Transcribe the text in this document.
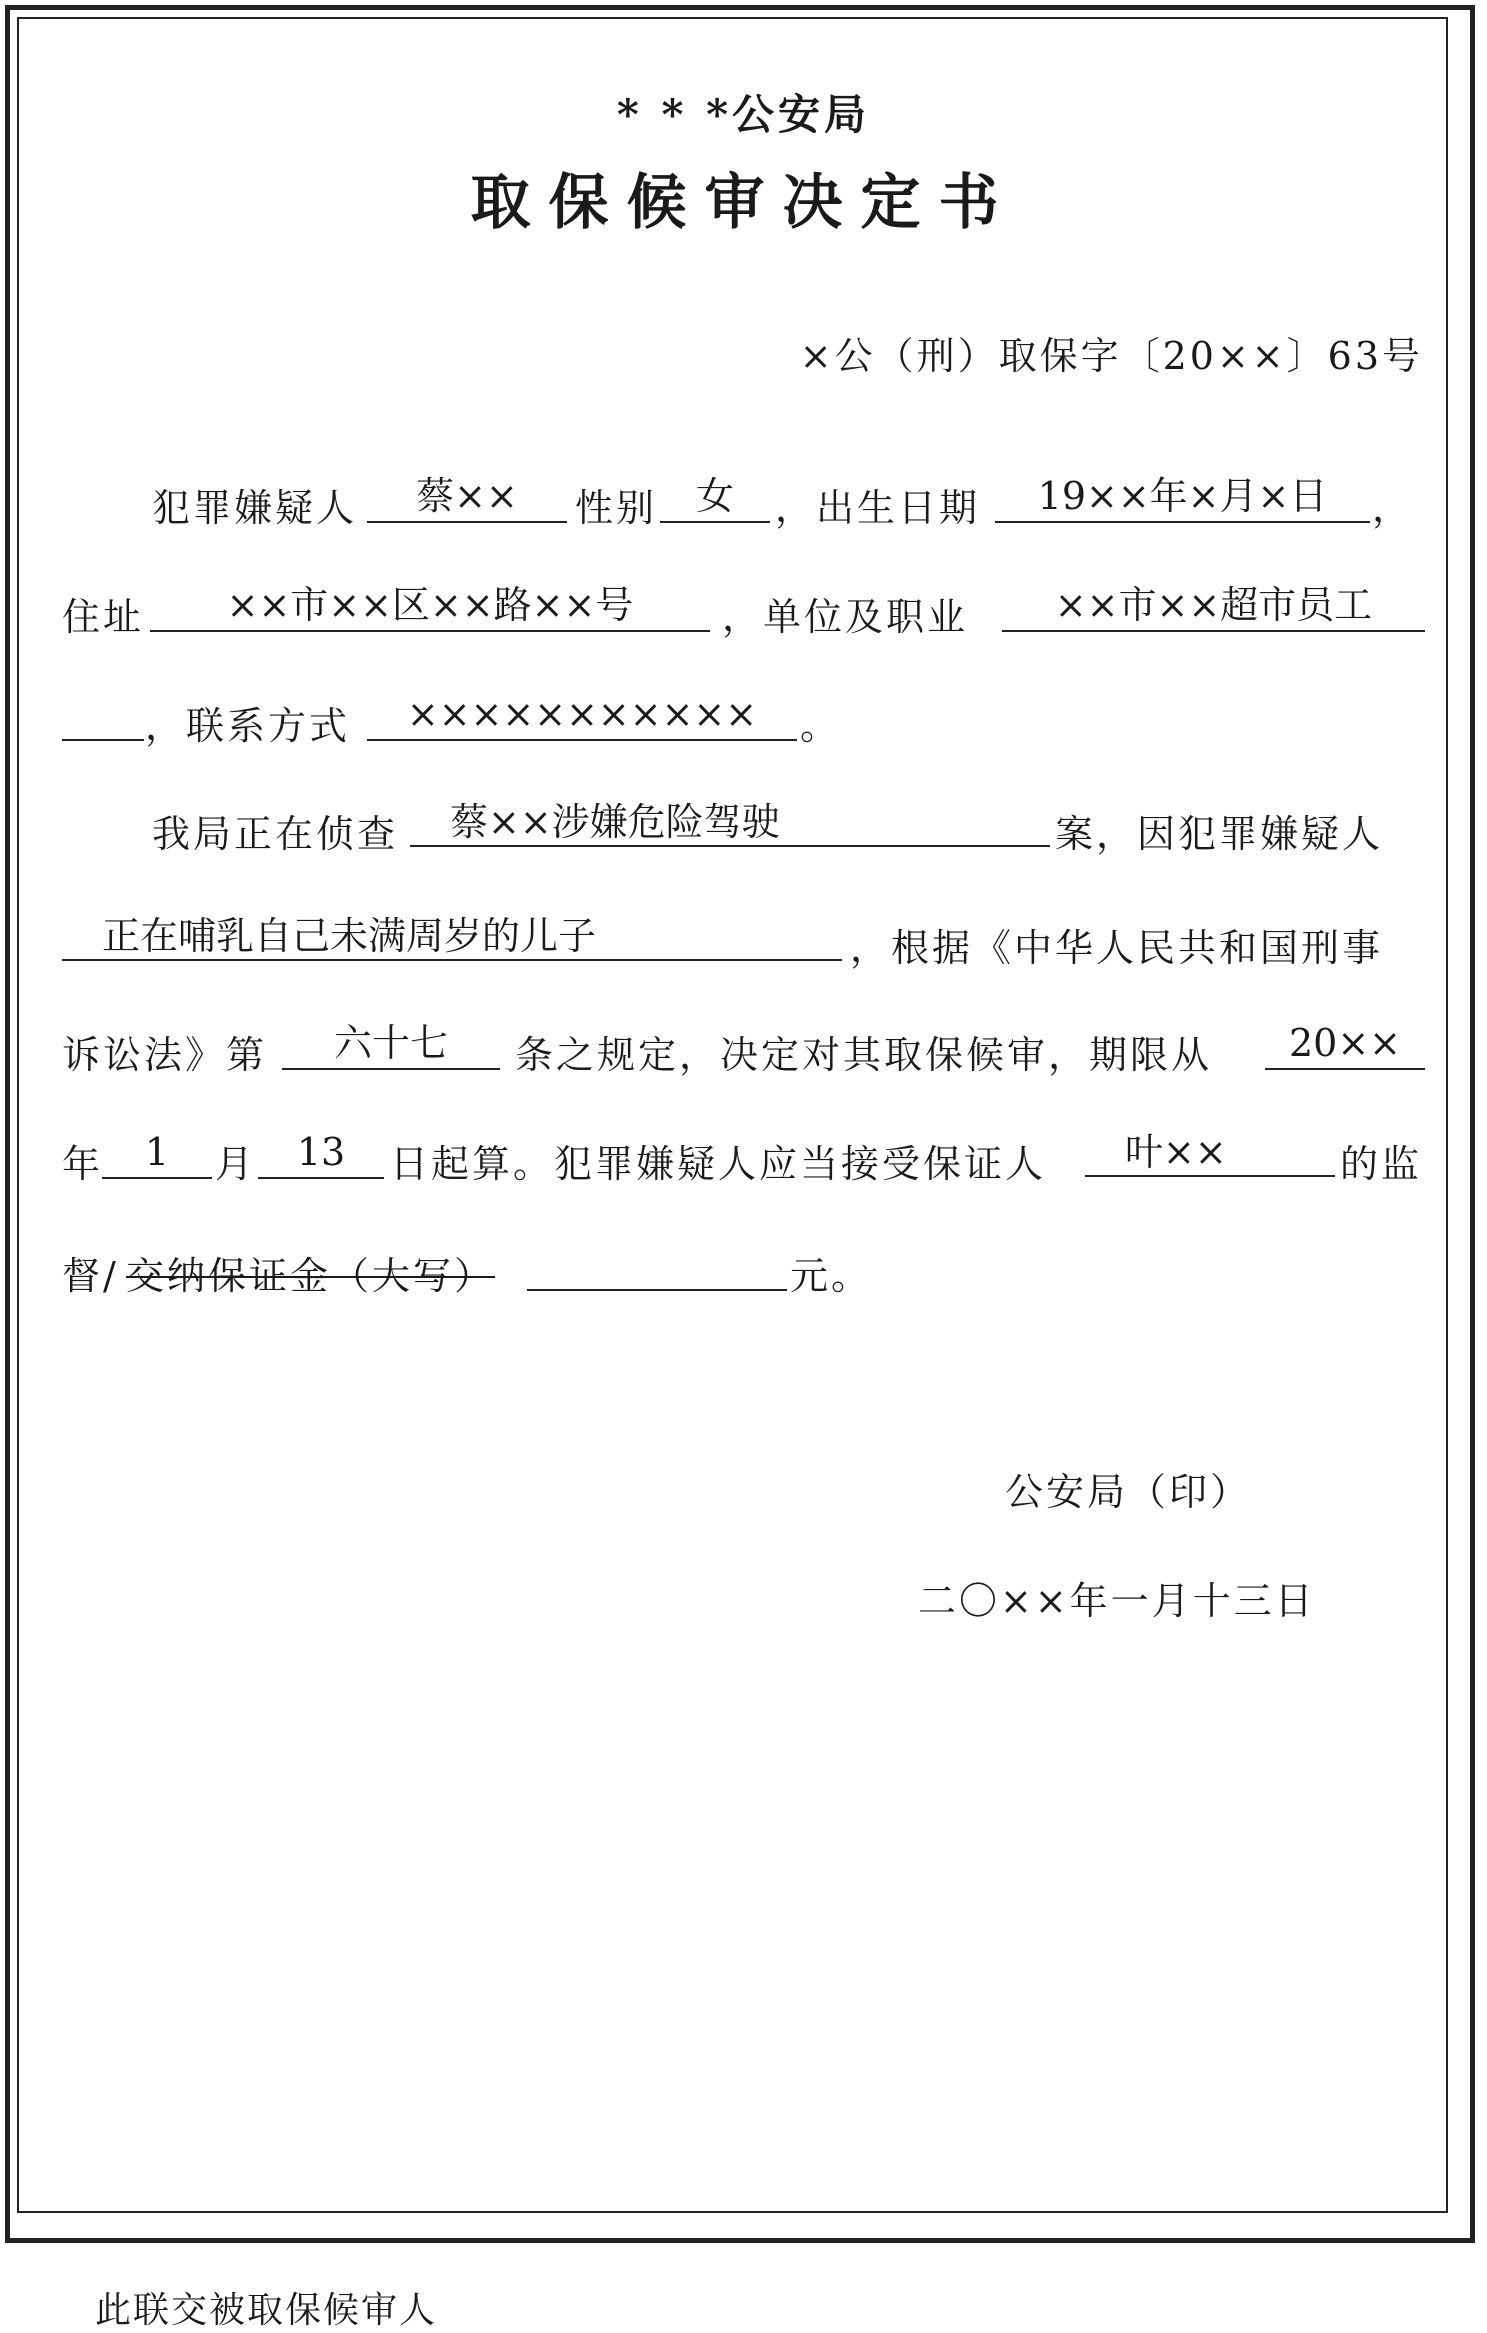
* * *公安局
取保候审决定书
×公（刑）取保字〔20××〕63号
犯罪嫌疑人	蔡××	性别	女	，出生日期	19××年×月×日	，
住址	××市××区××路××号	，单位及职业	××市××超市员工
，联系方式	×××××××××××	。
我局正在侦查	蔡××涉嫌危险驾驶	案，因犯罪嫌疑人
正在哺乳自己未满周岁的儿子	，根据《中华人民共和国刑事
诉讼法》第	六十七	条之规定，决定对其取保候审，期限从	20××
年	1	月	13	日起算。犯罪嫌疑人应当接受保证人	叶××	的监
督/ 交纳保证金（大写）	元。
公安局（印）
二〇××年一月十三日
此联交被取保候审人
